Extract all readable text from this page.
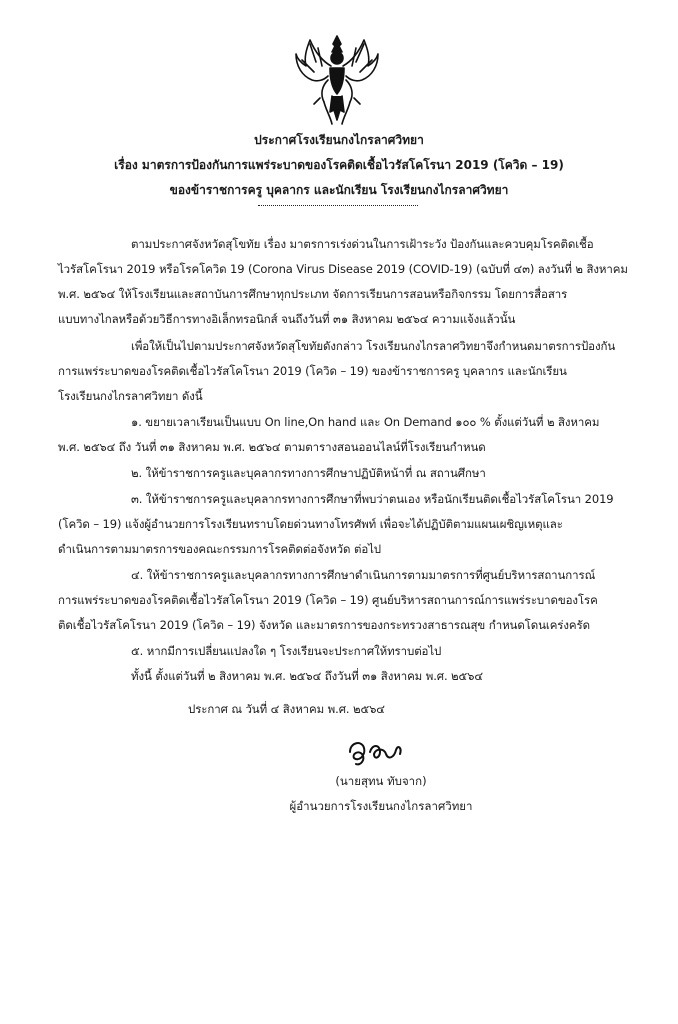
ประกาศโรงเรียนกงไกรลาศวิทยา
เรื่อง มาตรการป้องกันการแพร่ระบาดของโรคติดเชื้อไวรัสโคโรนา 2019 (โควิด – 19)
ของข้าราชการครู บุคลากร และนักเรียน โรงเรียนกงไกรลาศวิทยา
ตามประกาศจังหวัดสุโขทัย เรื่อง มาตรการเร่งด่วนในการเฝ้าระวัง ป้องกันและควบคุมโรคติดเชื้อ
ไวรัสโคโรนา 2019 หรือโรคโควิด 19 (Corona Virus Disease 2019 (COVID-19) (ฉบับที่ ๔๓) ลงวันที่ ๒ สิงหาคม
พ.ศ. ๒๕๖๔ ให้โรงเรียนและสถาบันการศึกษาทุกประเภท จัดการเรียนการสอนหรือกิจกรรม โดยการสื่อสาร
แบบทางไกลหรือด้วยวิธีการทางอิเล็กทรอนิกส์ จนถึงวันที่ ๓๑ สิงหาคม ๒๕๖๔ ความแจ้งแล้วนั้น
เพื่อให้เป็นไปตามประกาศจังหวัดสุโขทัยดังกล่าว โรงเรียนกงไกรลาศวิทยาจึงกำหนดมาตรการป้องกัน
การแพร่ระบาดของโรคติดเชื้อไวรัสโคโรนา 2019 (โควิด – 19) ของข้าราชการครู บุคลากร และนักเรียน
โรงเรียนกงไกรลาศวิทยา ดังนี้
๑. ขยายเวลาเรียนเป็นแบบ On line,On hand และ On Demand ๑๐๐ % ตั้งแต่วันที่ ๒ สิงหาคม
พ.ศ. ๒๕๖๔ ถึง วันที่ ๓๑ สิงหาคม พ.ศ. ๒๕๖๔ ตามตารางสอนออนไลน์ที่โรงเรียนกำหนด
๒. ให้ข้าราชการครูและบุคลากรทางการศึกษาปฏิบัติหน้าที่ ณ สถานศึกษา
๓. ให้ข้าราชการครูและบุคลากรทางการศึกษาที่พบว่าตนเอง หรือนักเรียนติดเชื้อไวรัสโคโรนา 2019
(โควิด – 19) แจ้งผู้อำนวยการโรงเรียนทราบโดยด่วนทางโทรศัพท์ เพื่อจะได้ปฏิบัติตามแผนเผชิญเหตุและ
ดำเนินการตามมาตรการของคณะกรรมการโรคติดต่อจังหวัด ต่อไป
๔. ให้ข้าราชการครูและบุคลากรทางการศึกษาดำเนินการตามมาตรการที่ศูนย์บริหารสถานการณ์
การแพร่ระบาดของโรคติดเชื้อไวรัสโคโรนา 2019 (โควิด – 19) ศูนย์บริหารสถานการณ์การแพร่ระบาดของโรค
ติดเชื้อไวรัสโคโรนา 2019 (โควิด – 19) จังหวัด และมาตรการของกระทรวงสาธารณสุข กำหนดโดนเคร่งครัด
๕. หากมีการเปลี่ยนแปลงใด ๆ โรงเรียนจะประกาศให้ทราบต่อไป
ทั้งนี้ ตั้งแต่วันที่ ๒ สิงหาคม พ.ศ. ๒๕๖๔ ถึงวันที่ ๓๑ สิงหาคม พ.ศ. ๒๕๖๔
ประกาศ ณ วันที่ ๔ สิงหาคม พ.ศ. ๒๕๖๔
(นายสุทน ทับจาก)
ผู้อำนวยการโรงเรียนกงไกรลาศวิทยา
